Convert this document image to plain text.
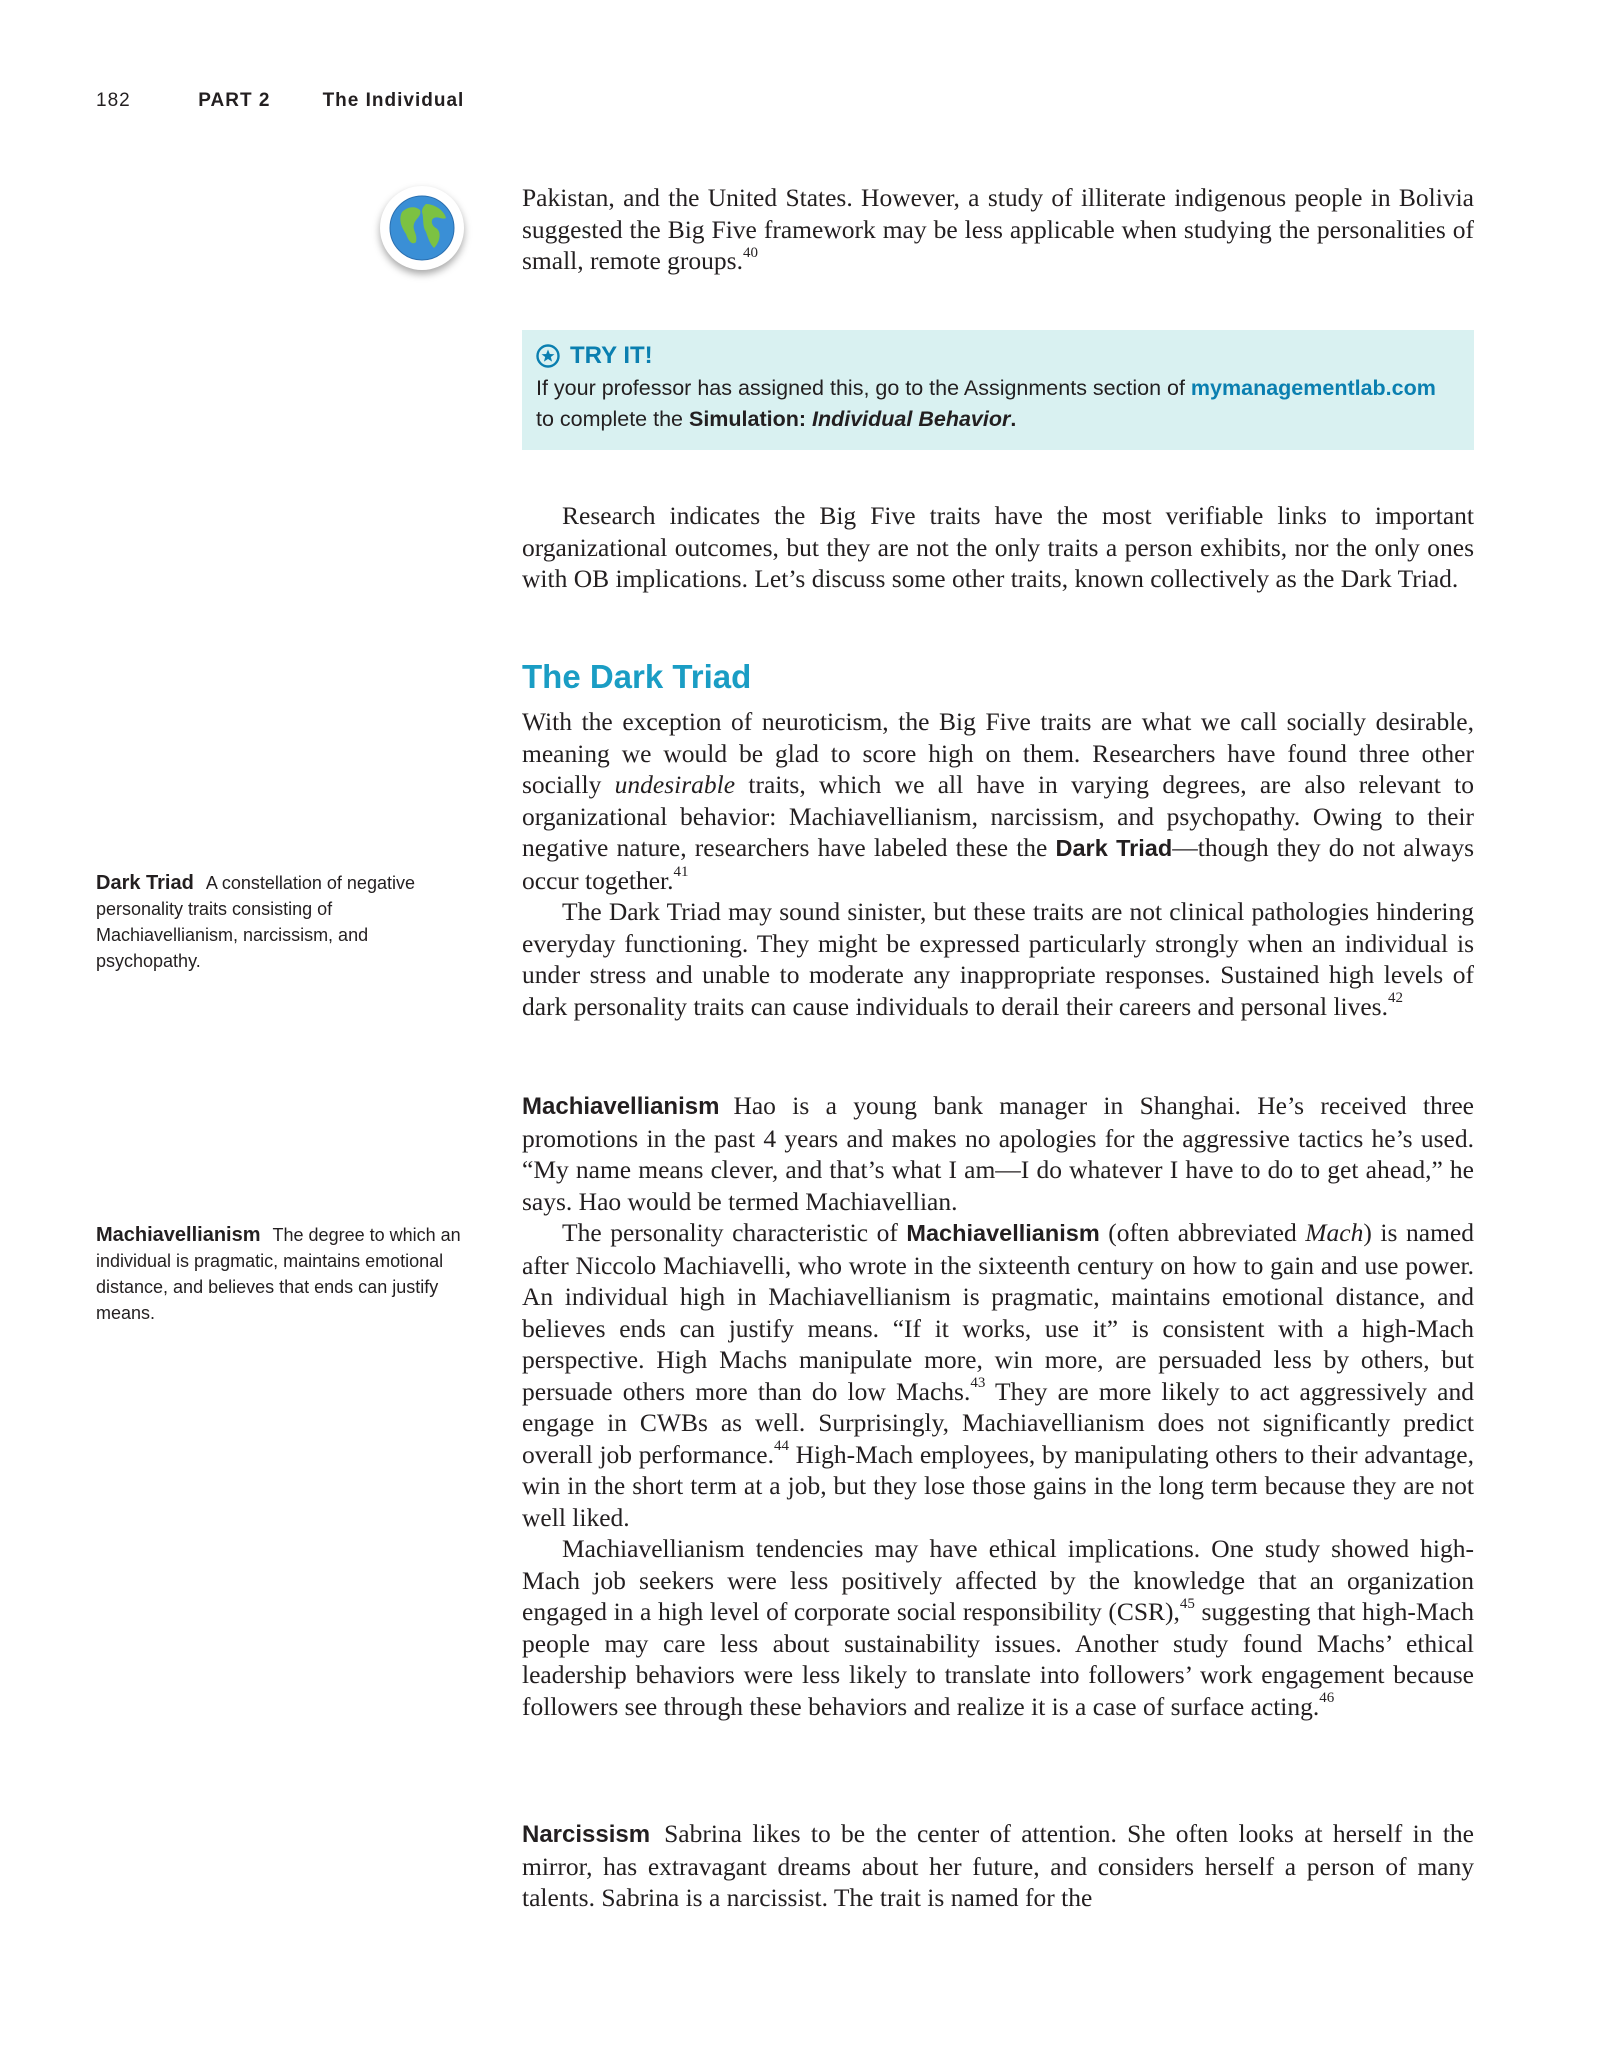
182	PART 2	The Individual

Pakistan, and the United States. However, a study of illiterate indigenous people in Bolivia suggested the Big Five framework may be less applicable when studying the personalities of small, remote groups.$^{40}$

TRY IT!
If your professor has assigned this, go to the Assignments section of mymanagementlab.com
to complete the Simulation: Individual Behavior.

Research indicates the Big Five traits have the most verifiable links to important organizational outcomes, but they are not the only traits a person exhibits, nor the only ones with OB implications. Let’s discuss some other traits, known collectively as the Dark Triad.

The Dark Triad

With the exception of neuroticism, the Big Five traits are what we call socially desirable, meaning we would be glad to score high on them. Researchers have found three other socially undesirable traits, which we all have in varying degrees, are also relevant to organizational behavior: Machiavellianism, narcissism, and psychopathy. Owing to their negative nature, researchers have labeled these the Dark Triad—though they do not always occur together.$^{41}$

The Dark Triad may sound sinister, but these traits are not clinical pathologies hindering everyday functioning. They might be expressed particularly strongly when an individual is under stress and unable to moderate any inappropriate responses. Sustained high levels of dark personality traits can cause individuals to derail their careers and personal lives.$^{42}$

Machiavellianism Hao is a young bank manager in Shanghai. He’s received three promotions in the past 4 years and makes no apologies for the aggressive tactics he’s used. “My name means clever, and that’s what I am—I do whatever I have to do to get ahead,” he says. Hao would be termed Machiavellian.

The personality characteristic of Machiavellianism (often abbreviated Mach) is named after Niccolo Machiavelli, who wrote in the sixteenth century on how to gain and use power. An individual high in Machiavellianism is pragmatic, maintains emotional distance, and believes ends can justify means. “If it works, use it” is consistent with a high-Mach perspective. High Machs manipulate more, win more, are persuaded less by others, but persuade others more than do low Machs.$^{43}$ They are more likely to act aggressively and engage in CWBs as well. Surprisingly, Machiavellianism does not significantly predict overall job performance.$^{44}$ High-Mach employees, by manipulating others to their advantage, win in the short term at a job, but they lose those gains in the long term because they are not well liked.

Machiavellianism tendencies may have ethical implications. One study showed high-Mach job seekers were less positively affected by the knowledge that an organization engaged in a high level of corporate social responsibility (CSR),$^{45}$ suggesting that high-Mach people may care less about sustainability issues. Another study found Machs’ ethical leadership behaviors were less likely to translate into followers’ work engagement because followers see through these behaviors and realize it is a case of surface acting.$^{46}$

Narcissism Sabrina likes to be the center of attention. She often looks at herself in the mirror, has extravagant dreams about her future, and considers herself a person of many talents. Sabrina is a narcissist. The trait is named for the

Dark Triad A constellation of negative personality traits consisting of Machiavellianism, narcissism, and psychopathy.
Machiavellianism The degree to which an individual is pragmatic, maintains emotional distance, and believes that ends can justify means.
